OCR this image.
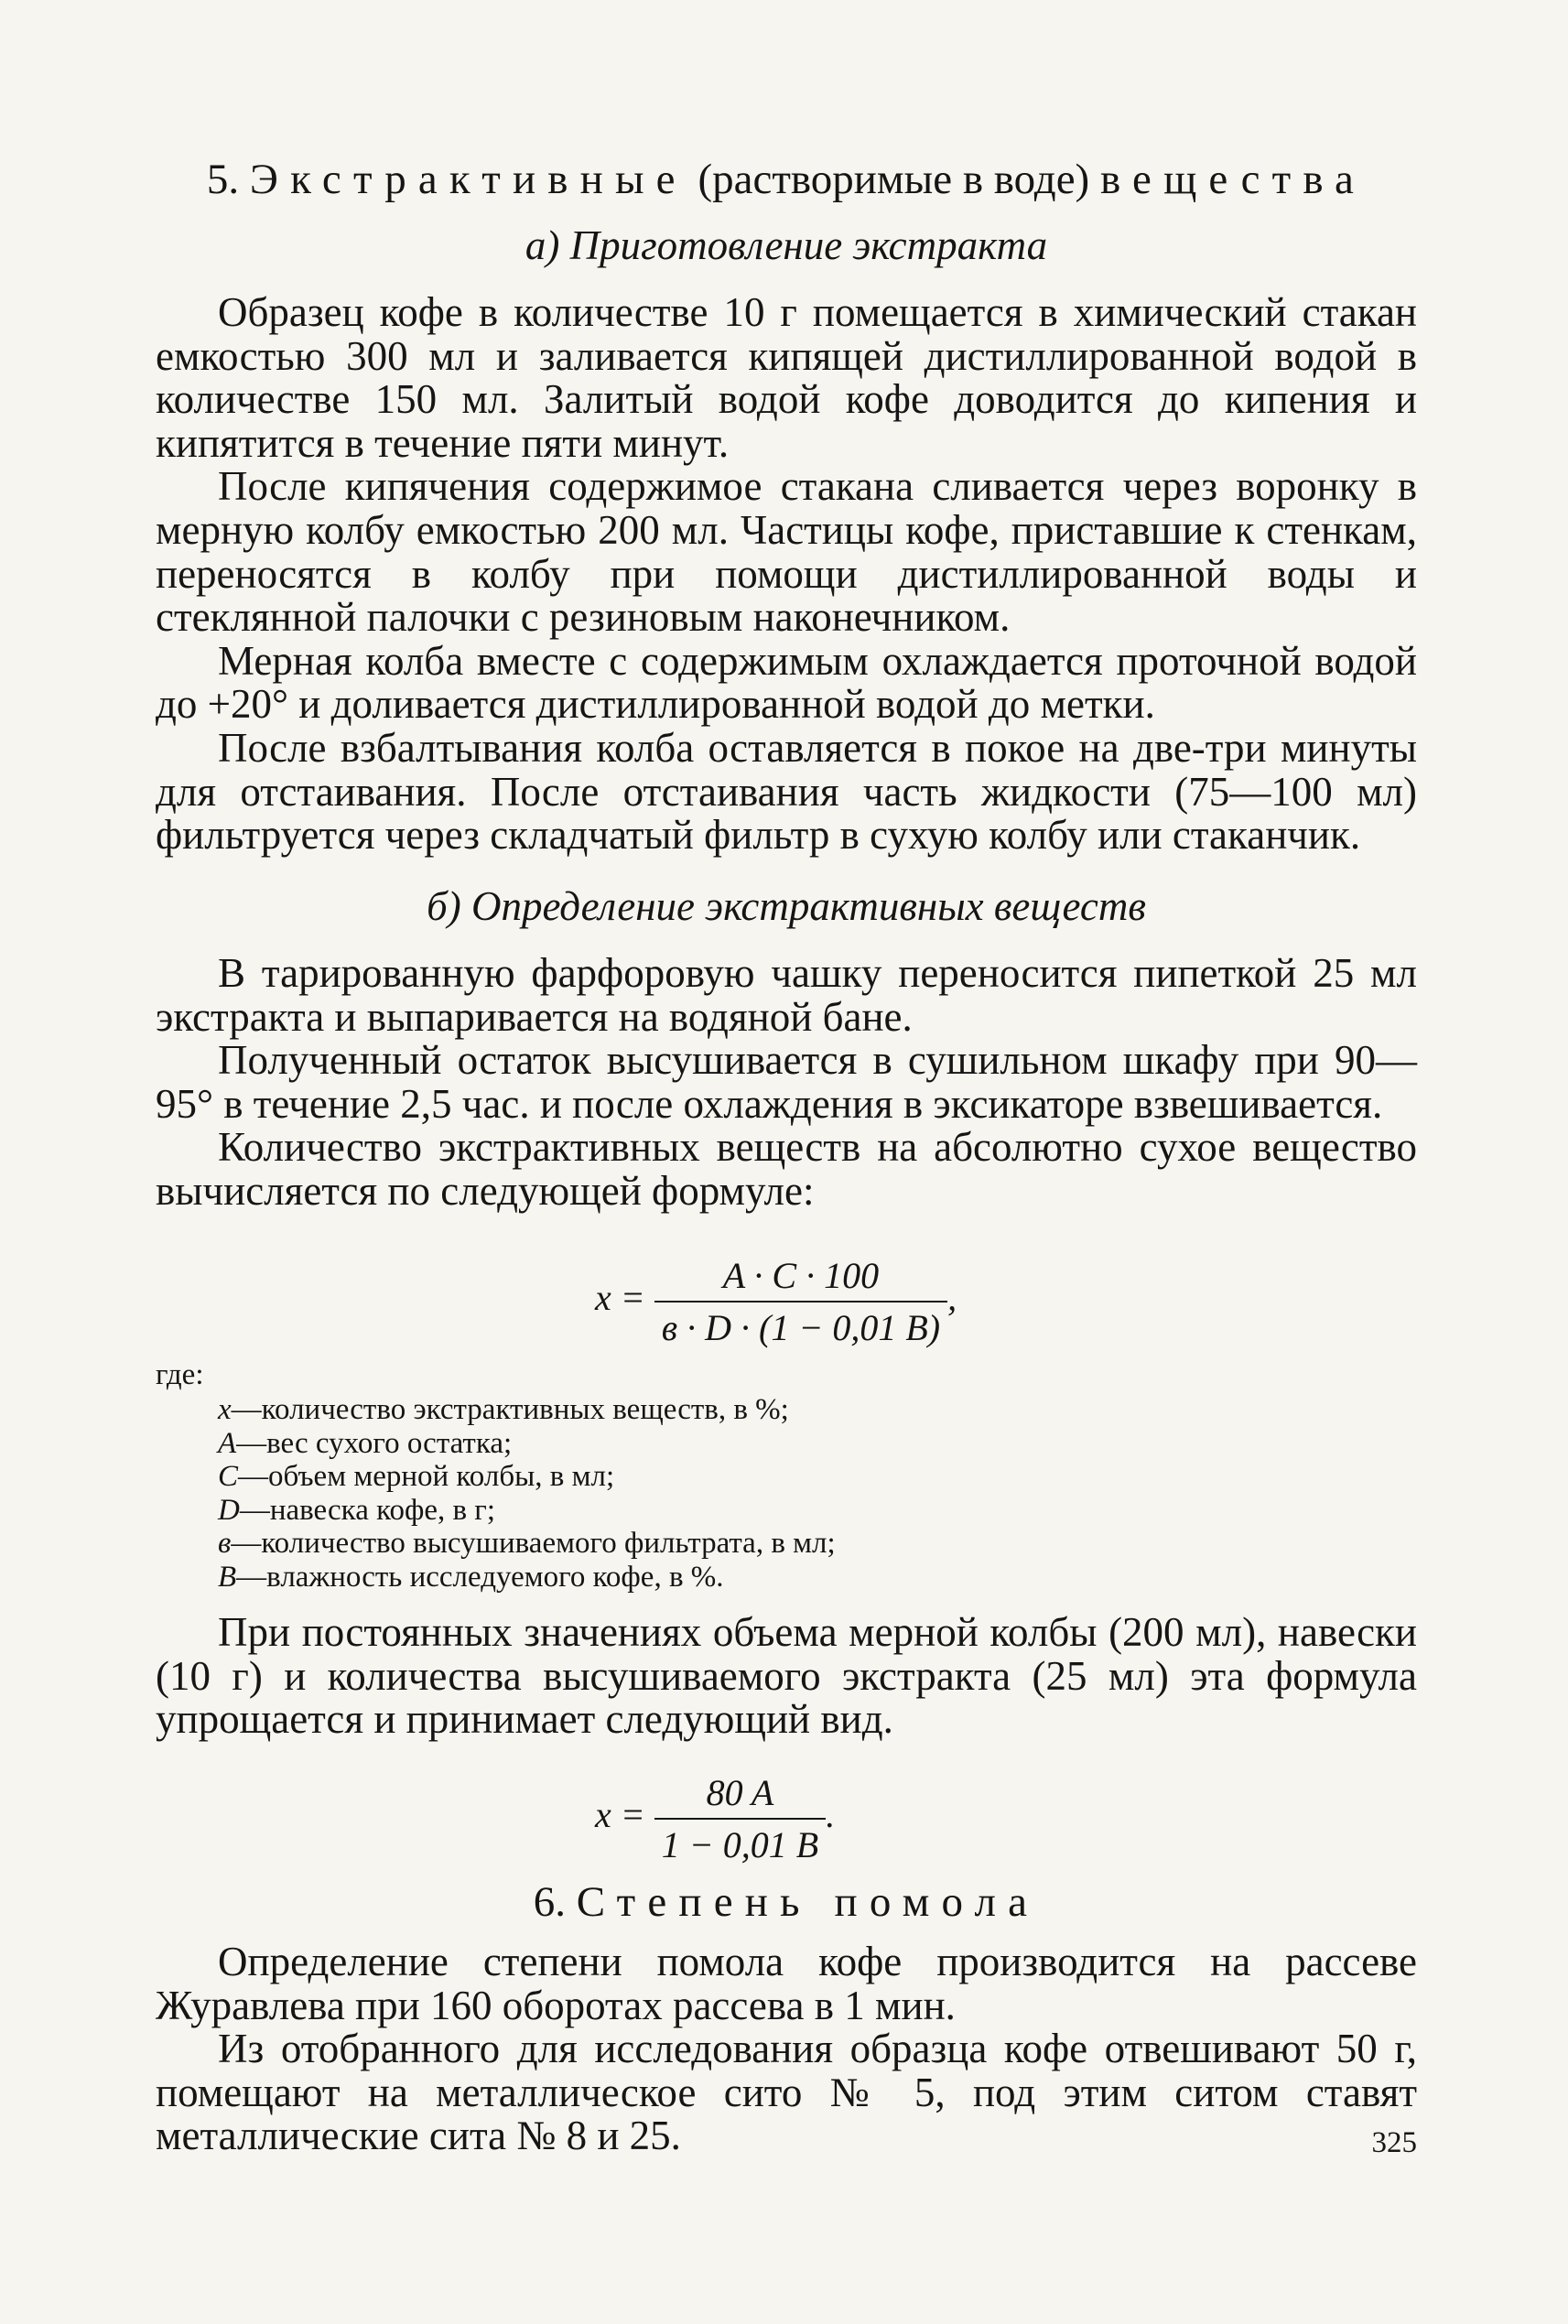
5. Экстрактивные (растворимые в воде) вещества
а) Приготовление экстракта

Образец кофе в количестве 10 г помещается в химический стакан емкостью 300 мл и заливается кипящей дистиллированной водой в количестве 150 мл. Залитый водой кофе доводится до кипения и кипятится в течение пяти минут.

После кипячения содержимое стакана сливается через воронку в мерную колбу емкостью 200 мл. Частицы кофе, приставшие к стенкам, переносятся в колбу при помощи дистиллированной воды и стеклянной палочки с резиновым наконечником.

Мерная колба вместе с содержимым охлаждается проточной водой до +20° и доливается дистиллированной водой до метки.

После взбалтывания колба оставляется в покое на две-три минуты для отстаивания. После отстаивания часть жидкости (75—100 мл) фильтруется через складчатый фильтр в сухую колбу или стаканчик.

б) Определение экстрактивных веществ

В тарированную фарфоровую чашку переносится пипеткой 25 мл экстракта и выпаривается на водяной бане.

Полученный остаток высушивается в сушильном шкафу при 90—95° в течение 2,5 час. и после охлаждения в эксикаторе взвешивается.

Количество экстрактивных веществ на абсолютно сухое вещество вычисляется по следующей формуле:

$x = \frac{A \cdot C \cdot 100}{в \cdot D \cdot (1 - 0,01 B)}$ ,
где:
x—количество экстрактивных веществ, в %;
A—вес сухого остатка;
C—объем мерной колбы, в мл;
D—навеска кофе, в г;
в—количество высушиваемого фильтрата, в мл;
B—влажность исследуемого кофе, в %.

При постоянных значениях объема мерной колбы (200 мл), навески (10 г) и количества высушиваемого экстракта (25 мл) эта формула упрощается и принимает следующий вид.

$x = \frac{80 A}{1 - 0,01 B}$ .
6. Степень помола

Определение степени помола кофе производится на рассеве Журавлева при 160 оборотах рассева в 1 мин.

Из отобранного для исследования образца кофе отвешивают 50 г, помещают на металлическое сито № 5, под этим ситом ставят металлические сита № 8 и 25.	325
